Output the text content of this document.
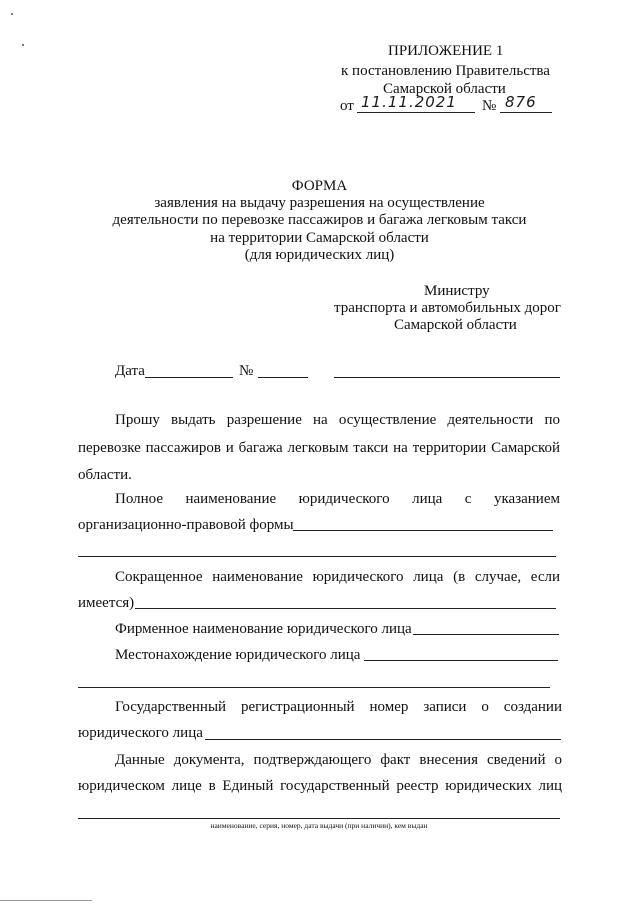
ПРИЛОЖЕНИЕ 1
к постановлению Правительства
Самарской области
от 11.11.2021 № 876
ФОРМА
заявления на выдачу разрешения на осуществление
деятельности по перевозке пассажиров и багажа легковым такси
на территории Самарской области
(для юридических лиц)
Министру
транспорта и автомобильных дорог
Самарской области
Дата	№
Прошу выдать разрешение на осуществление деятельности по
перевозке пассажиров и багажа легковым такси на территории Самарской
области.
Полное наименование юридического лица с указанием
организационно-правовой формы
Сокращенное наименование юридического лица (в случае, если
имеется)
Фирменное наименование юридического лица
Местонахождение юридического лица
Государственный регистрационный номер записи о создании
юридического лица
Данные документа, подтверждающего факт внесения сведений о
юридическом лице в Единый государственный реестр юридических лиц
наименование, серия, номер, дата выдачи (при наличии), кем выдан
